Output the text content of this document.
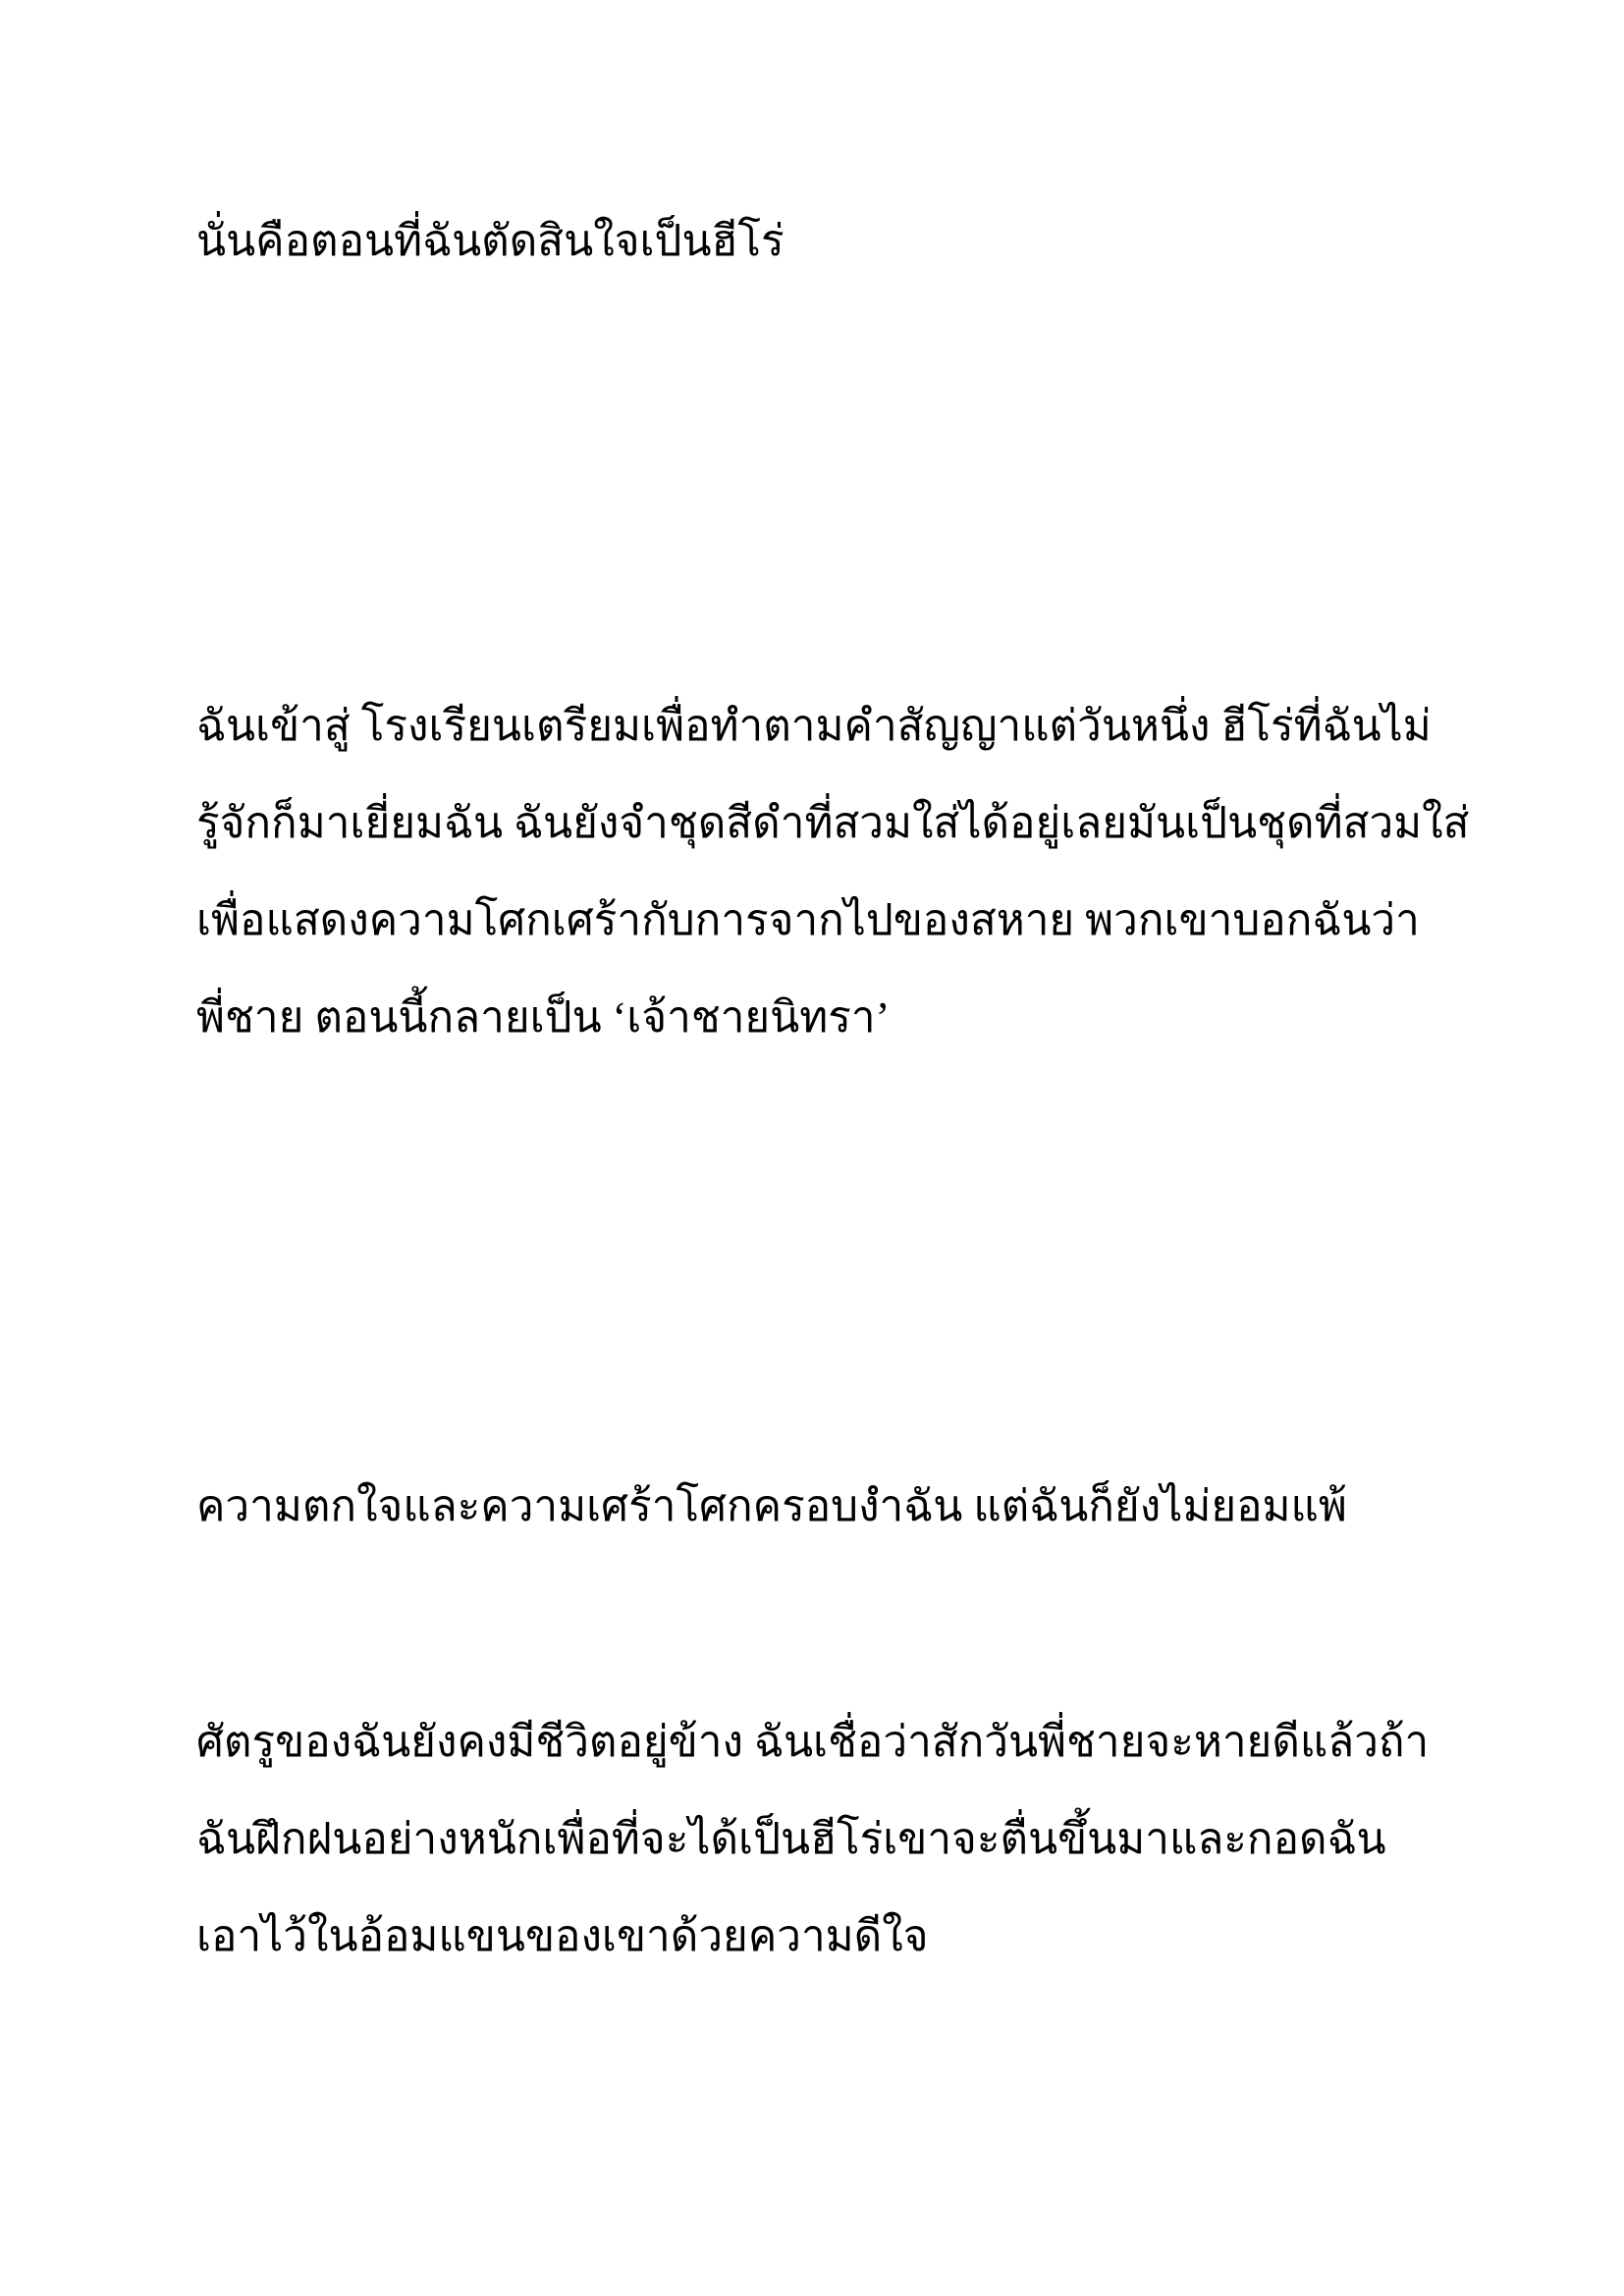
นั่นคือตอนที่ฉันตัดสินใจเป็นฮีโร่
ฉันเข้าสู่ โรงเรียนเตรียมเพื่อทำตามคำสัญญาแต่วันหนึ่ง ฮีโร่ที่ฉันไม่
รู้จักก็มาเยี่ยมฉัน ฉันยังจำชุดสีดำที่สวมใส่ได้อยู่เลยมันเป็นชุดที่สวมใส่
เพื่อแสดงความโศกเศร้ากับการจากไปของสหาย พวกเขาบอกฉันว่า
พี่ชาย ตอนนี้กลายเป็น ‘เจ้าชายนิทรา’
ความตกใจและความเศร้าโศกครอบงำฉัน แต่ฉันก็ยังไม่ยอมแพ้
ศัตรูของฉันยังคงมีชีวิตอยู่ข้าง ฉันเชื่อว่าสักวันพี่ชายจะหายดีแล้วถ้า
ฉันฝึกฝนอย่างหนักเพื่อที่จะได้เป็นฮีโร่เขาจะตื่นขึ้นมาและกอดฉัน
เอาไว้ในอ้อมแขนของเขาด้วยความดีใจ
